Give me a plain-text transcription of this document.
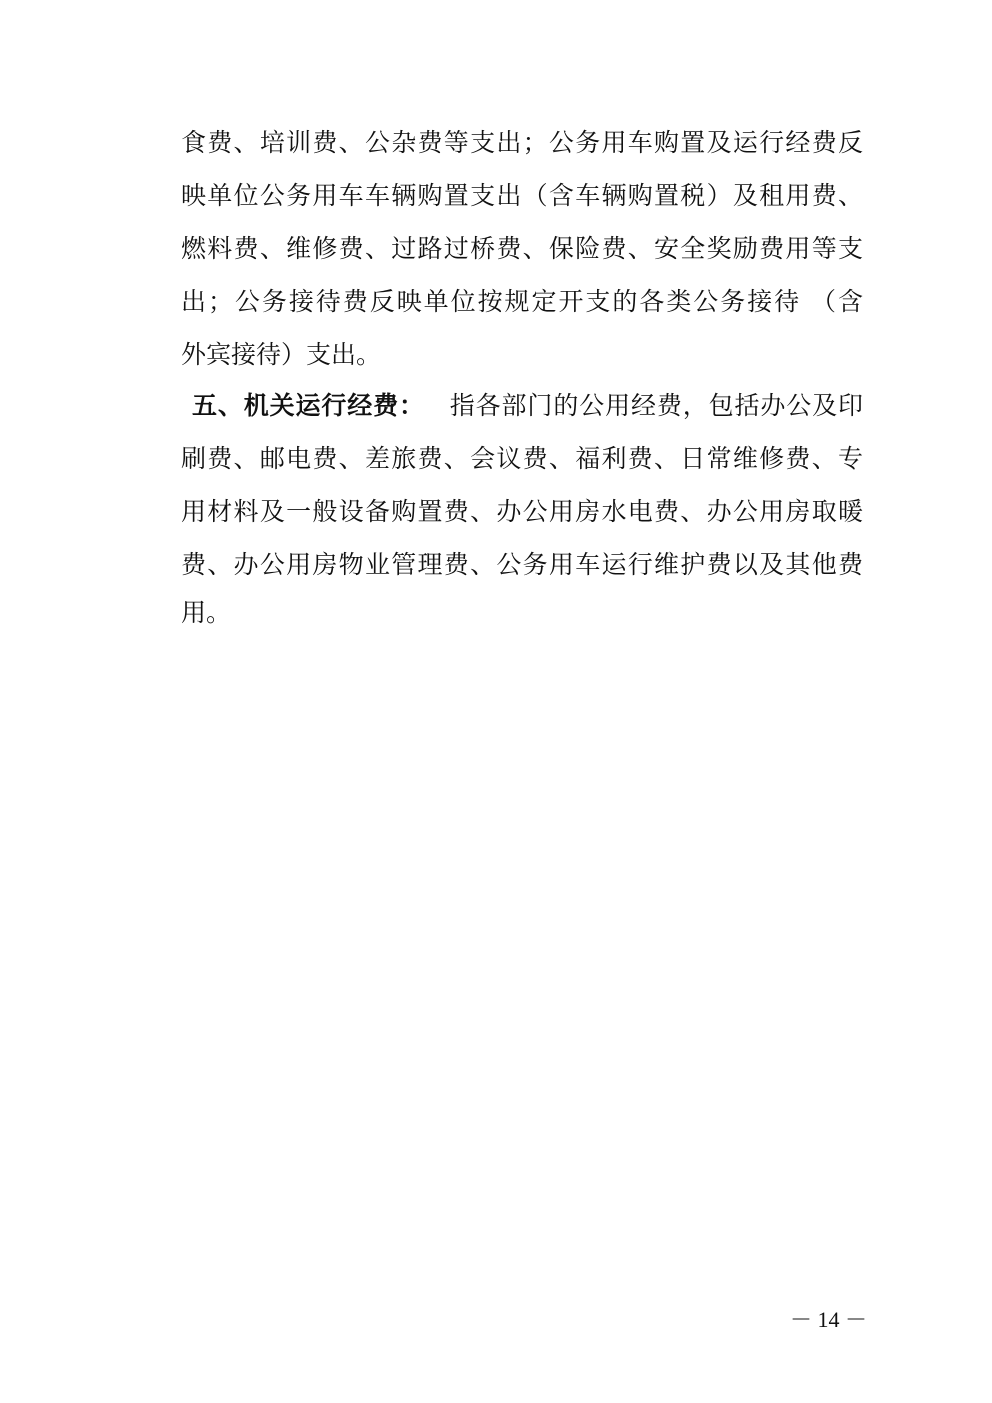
食费、培训费、公杂费等支出；公务用车购置及运行经费反
映单位公务用车车辆购置支出（含车辆购置税）及租用费、
燃料费、维修费、过路过桥费、保险费、安全奖励费用等支
出；公务接待费反映单位按规定开支的各类公务接待 （含
外宾接待）支出。
五、机关运行经费： 指各部门的公用经费，包括办公及印
刷费、邮电费、差旅费、会议费、福利费、日常维修费、专
用材料及一般设备购置费、办公用房水电费、办公用房取暖
费、办公用房物业管理费、公务用车运行维护费以及其他费
用。
－ 14 －
